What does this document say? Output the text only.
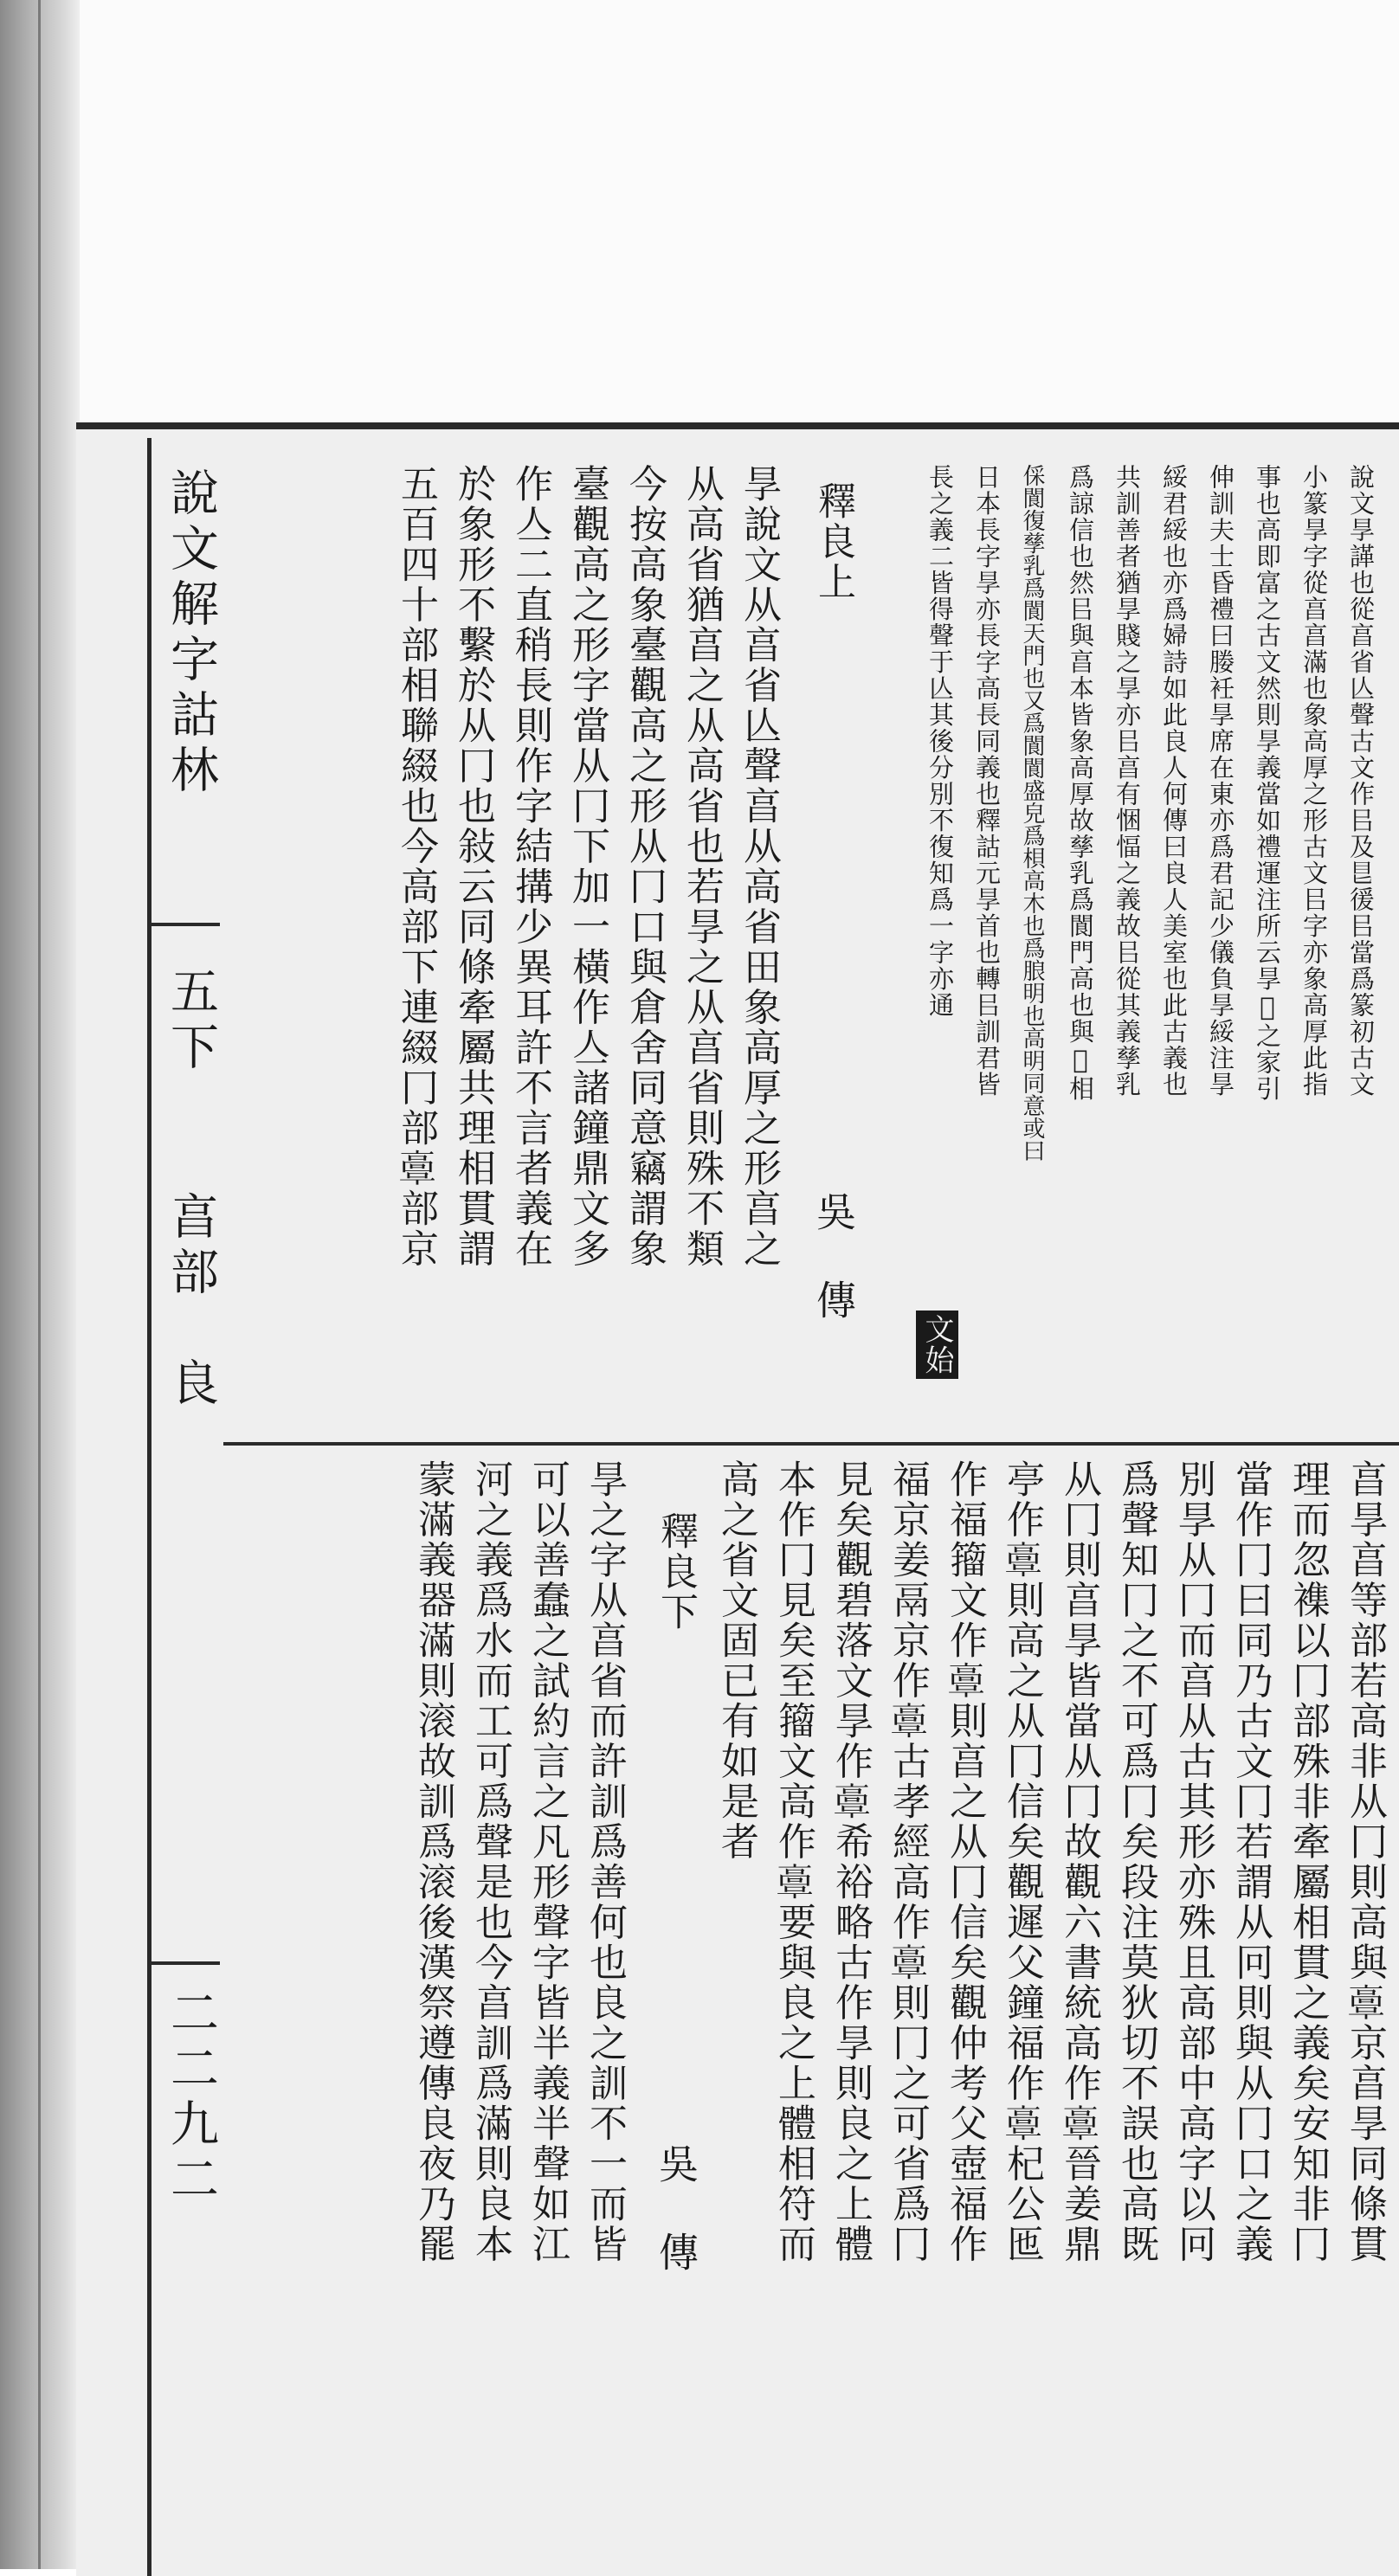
說文解字詁林
五下
亯部　良
二二九二
說文㫗諽也從亯省亾聲古文作㠯及𥃩㣪㠯當爲篆初古文
小篆㫗字從亯亯滿也象高厚之形古文㠯字亦象高厚此指
事也高即富之古文然則㫗義當如禮運注所云㫗𩲸之家引
伸訓夫士昏禮曰媵衽㫗席在東亦爲君記少儀負㫗綏注㫗
綏君綏也亦爲婦詩如此良人何傳曰良人美室也此古義也
共訓善者猶㫗賤之㫗亦㠯亯有悃愊之義故㠯從其義孳乳
爲諒信也然㠯與亯本皆象高厚故孳乳爲閬門高也與𨳇相
倸閬復孳乳爲閬天門也又爲閬閬盛皃爲梖高木也爲朖明也高明同意或曰
日本長字㫗亦長字高長同義也釋詁元㫗首也轉㠯訓君皆
長之義二皆得聲于亾其後分別不復知爲一字亦通
文始
釋良上
吳傳
㫗說文从亯省亾聲亯从高省田象高厚之形亯之
从高省猶亯之从高省也若㫗之从亯省則殊不類
今按高象臺觀高之形从冂口與倉舍同意竊謂象
臺觀高之形字當从冂下加一橫作亼諸鐘鼎文多
作亼二直稍長則作字結搆少異耳許不言者義在
於象形不繫於从冂也敍云同條牽屬共理相貫謂
五百四十部相聯綴也今高部下連綴冂部𩫏部京
亯㫗亯等部若高非从冂則高與𩫏京亯㫗同條貫
理而忽襍以冂部殊非牽屬相貫之義矣安知非冂
當作冂曰同乃古文冂若謂从冋則與从冂口之義
別㫗从冂而亯从古其形亦殊且高部中高字以冋
爲聲知冂之不可爲冂矣段注莫狄切不誤也高既
从冂則亯㫗皆當从冂故觀六書統高作𩫏晉姜鼎
亭作𩫏則高之从冂信矣觀遲父鐘福作𩫏杞公匜
作福籀文作𩫏則亯之从冂信矣觀仲考父壺福作
福京姜鬲京作𩫏古孝經高作𩫏則冂之可省爲冂
見矣觀碧落文㫗作𩫏希裕略古作㫗則良之上體
本作冂見矣至籀文高作𩫏要與良之上體相符而
高之省文固已有如是者
釋良下
吳傳
㫗之字从亯省而許訓爲善何也良之訓不一而皆
可以善蠢之試約言之凡形聲字皆半義半聲如江
河之義爲水而工可爲聲是也今亯訓爲滿則良本
蒙滿義器滿則滚故訓爲滚後漢祭遵傳良夜乃罷
